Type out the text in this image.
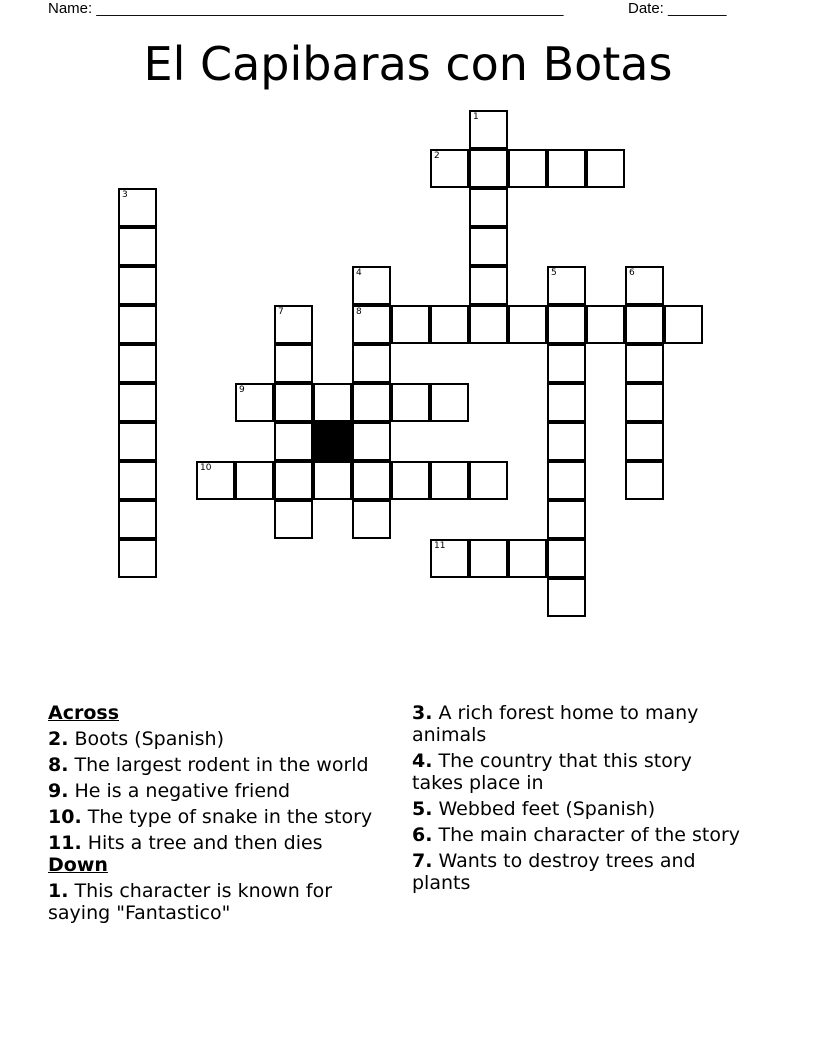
Name: ________________________________________________________	Date: _______
El Capibaras con Botas
1
2
3
4	5	6
7	8
9
10
11
Across
2. Boots (Spanish)
8. The largest rodent in the world
9. He is a negative friend
10. The type of snake in the story
11. Hits a tree and then dies
Down
1. This character is known for saying "Fantastico"
3. A rich forest home to many animals
4. The country that this story takes place in
5. Webbed feet (Spanish)
6. The main character of the story
7. Wants to destroy trees and plants
